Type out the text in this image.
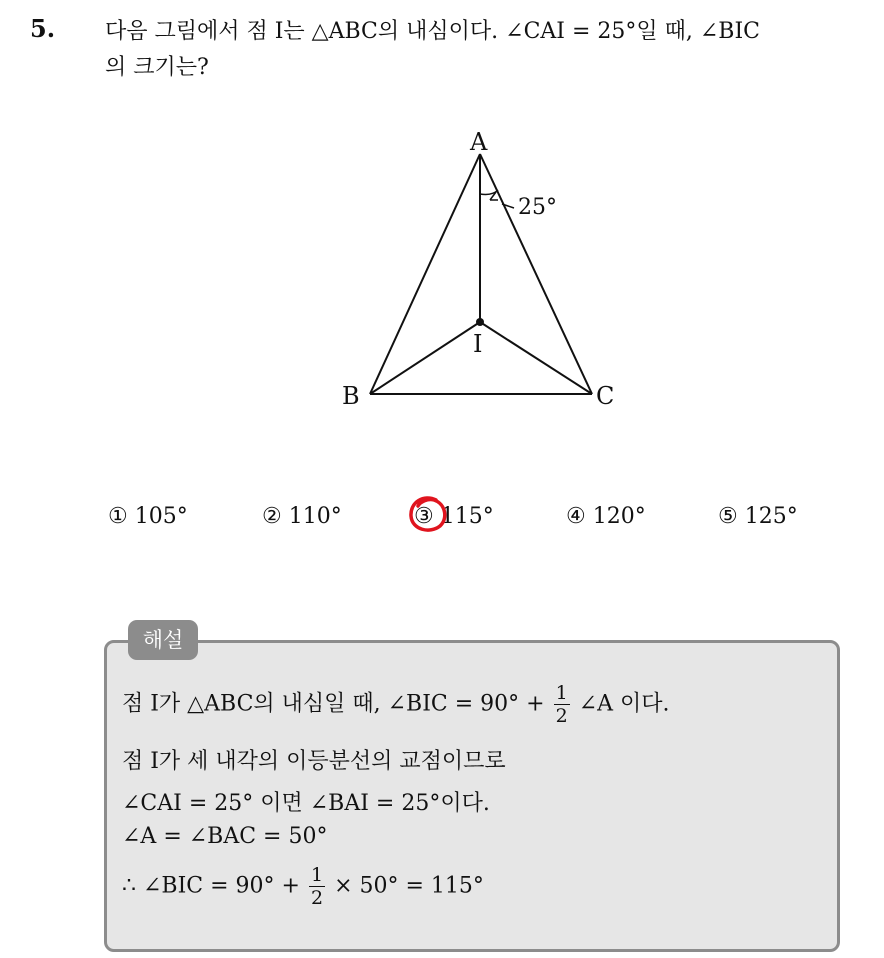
5. 다음 그림에서 점 I는 △ABC의 내심이다. ∠CAI = 25°일 때, ∠BIC
의 크기는?
A
B	C
I
25°
① 105°	② 110°	③ 115°	④ 120°	⑤ 125°
해설
점 I가 △ABC의 내심일 때, ∠BIC = $90^\circ + \frac{1}{2}$ ∠A 이다.
점 I가 세 내각의 이등분선의 교점이므로
∠CAI = 25° 이면 ∠BAI = 25°이다.
∠A = ∠BAC = 50°
∴ ∠BIC = $90^\circ + \frac{1}{2} \times 50^\circ = 115^\circ$
